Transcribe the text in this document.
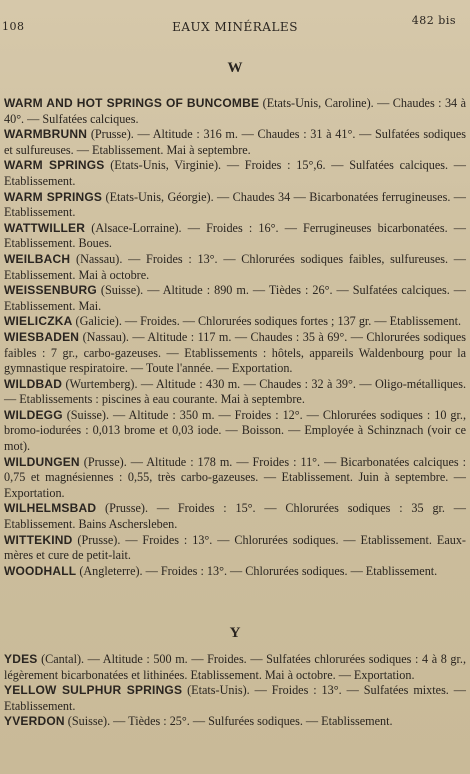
108	EAUX MINÉRALES	482 bis
W

WARM AND HOT SPRINGS OF BUNCOMBE (Etats-Unis, Caroline). — Chaudes : 34 à 40°. — Sulfatées calciques.

WARMBRUNN (Prusse). — Altitude : 316 m. — Chaudes : 31 à 41°. — Sulfatées sodiques et sulfureuses. — Etablissement. Mai à septembre.

WARM SPRINGS (Etats-Unis, Virginie). — Froides : 15°,6. — Sulfatées calciques. — Etablissement.

WARM SPRINGS (Etats-Unis, Géorgie). — Chaudes 34 — Bicarbonatées ferrugineuses. — Etablissement.

WATTWILLER (Alsace-Lorraine). — Froides : 16°. — Ferrugineuses bicarbonatées. — Etablissement. Boues.

WEILBACH (Nassau). — Froides : 13°. — Chlorurées sodiques faibles, sulfureuses. — Etablissement. Mai à octobre.

WEISSENBURG (Suisse). — Altitude : 890 m. — Tièdes : 26°. — Sulfatées calciques. — Etablissement. Mai.

WIELICZKA (Galicie). — Froides. — Chlorurées sodiques fortes ; 137 gr. — Etablissement.

WIESBADEN (Nassau). — Altitude : 117 m. — Chaudes : 35 à 69°. — Chlorurées sodiques faibles : 7 gr., carbo-gazeuses. — Etablissements : hôtels, appareils Waldenbourg pour la gymnastique respiratoire. — Toute l'année. — Exportation.

WILDBAD (Wurtemberg). — Altitude : 430 m. — Chaudes : 32 à 39°. — Oligo-métalliques. — Etablissements : piscines à eau courante. Mai à septembre.

WILDEGG (Suisse). — Altitude : 350 m. — Froides : 12°. — Chlorurées sodiques : 10 gr., bromo-iodurées : 0,013 brome et 0,03 iode. — Boisson. — Employée à Schinznach (voir ce mot).

WILDUNGEN (Prusse). — Altitude : 178 m. — Froides : 11°. — Bicarbonatées calciques : 0,75 et magnésiennes : 0,55, très carbo-gazeuses. — Etablissement. Juin à septembre. — Exportation.

WILHELMSBAD (Prusse). — Froides : 15°. — Chlorurées sodiques : 35 gr. — Etablissement. Bains Aschersleben.

WITTEKIND (Prusse). — Froides : 13°. — Chlorurées sodiques. — Etablissement. Eaux-mères et cure de petit-lait.

WOODHALL (Angleterre). — Froides : 13°. — Chlorurées sodiques. — Etablissement.

Y

YDES (Cantal). — Altitude : 500 m. — Froides. — Sulfatées chlorurées sodiques : 4 à 8 gr., légèrement bicarbonatées et lithinées. Etablissement. Mai à octobre. — Exportation.

YELLOW SULPHUR SPRINGS (Etats-Unis). — Froides : 13°. — Sulfatées mixtes. — Etablissement.

YVERDON (Suisse). — Tièdes : 25°. — Sulfurées sodiques. — Etablissement.
